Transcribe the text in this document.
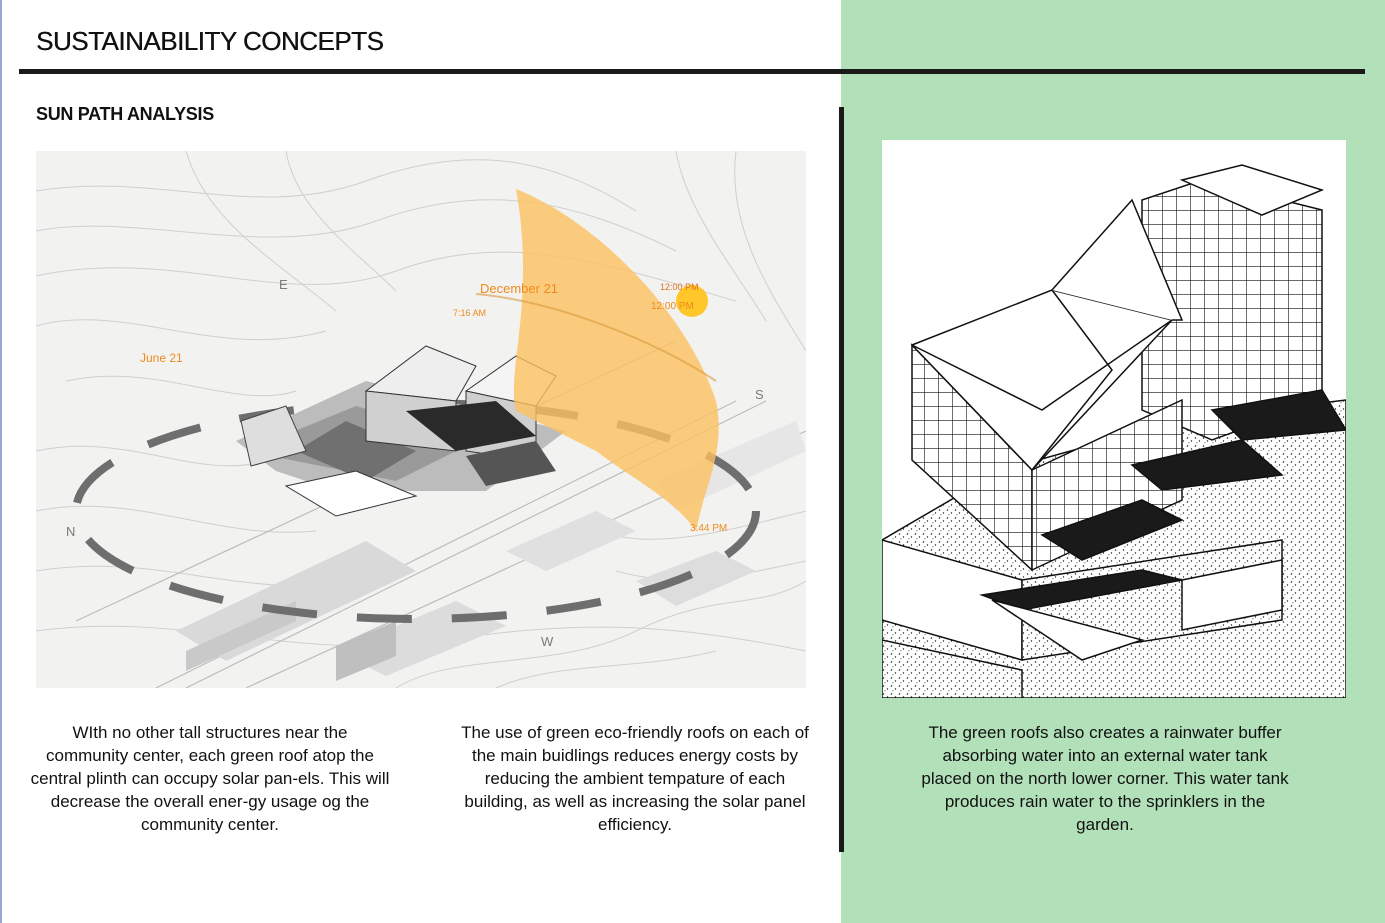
SUSTAINABILITY CONCEPTS
SUN PATH ANALYSIS
December 21
June 21
12:00 PM
12:00 PM
7:16 AM
3:44 PM
E
S
N
W

WIth no other tall structures near the community center, each green roof atop the central plinth can occupy solar pan-els. This will decrease the overall ener-gy usage og the community center.

The use of green eco-friendly roofs on each of the main buidlings reduces energy costs by reducing the ambient tempature of each building, as well as increasing the solar panel efficiency.

The green roofs also creates a rainwater buffer absorbing water into an external water tank placed on the north lower corner. This water tank produces rain water to the sprinklers in the garden.
